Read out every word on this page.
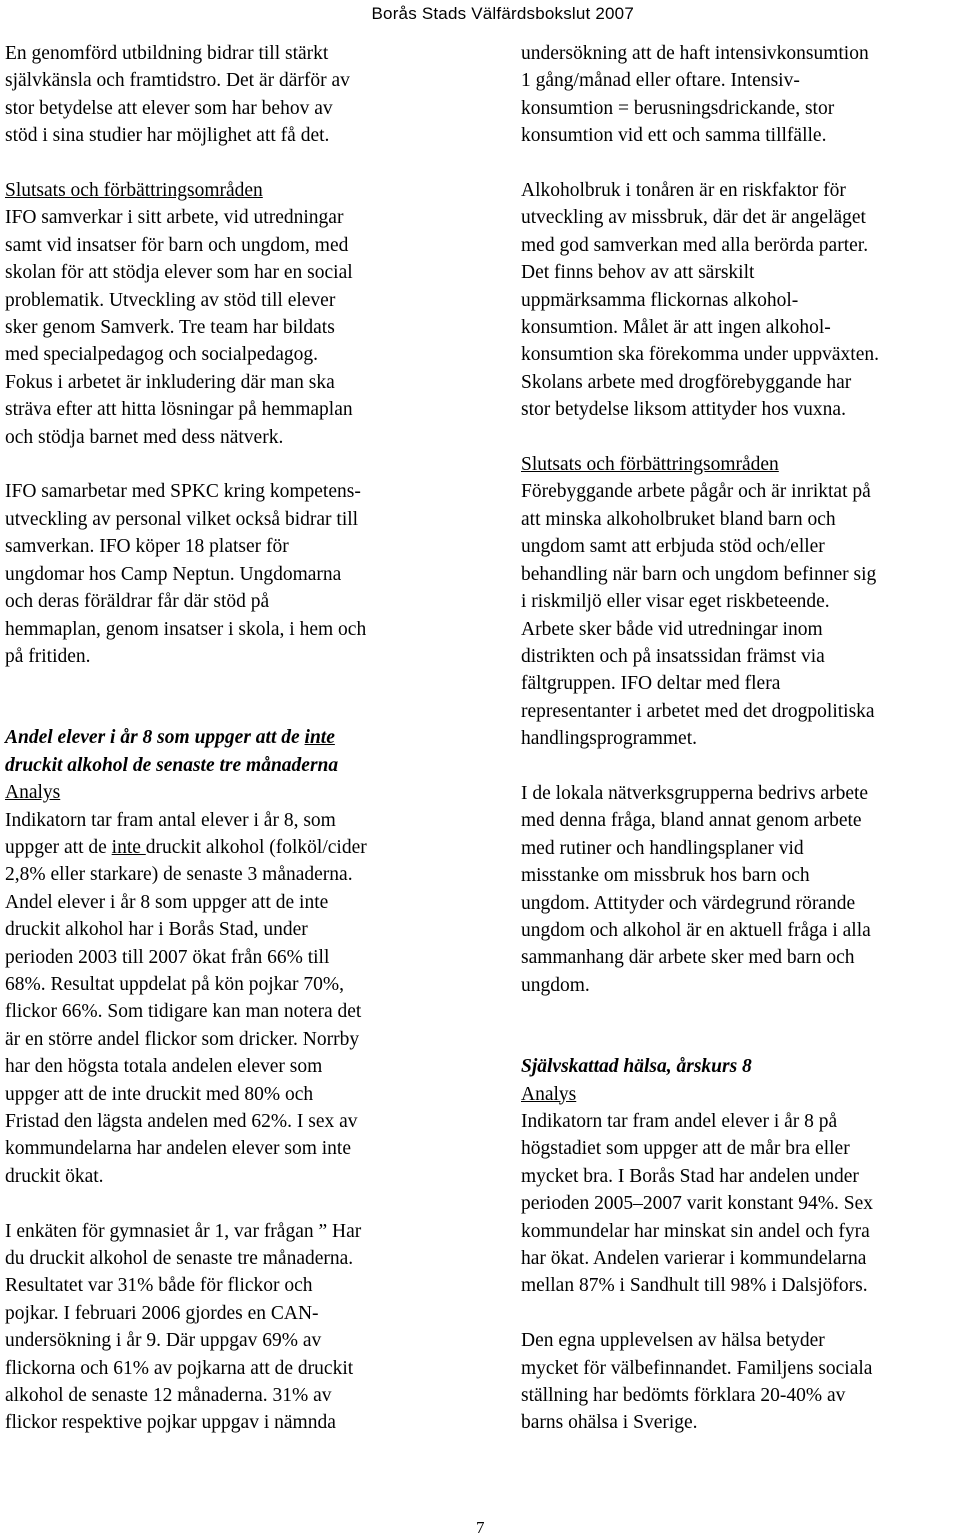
Borås Stads Välfärdsbokslut 2007

En genomförd utbildning bidrar till stärkt
självkänsla och framtidstro. Det är därför av
stor betydelse att elever som har behov av
stöd i sina studier har möjlighet att få det.

Slutsats och förbättringsområden
IFO samverkar i sitt arbete, vid utredningar
samt vid insatser för barn och ungdom, med
skolan för att stödja elever som har en social
problematik. Utveckling av stöd till elever
sker genom Samverk. Tre team har bildats
med specialpedagog och socialpedagog.
Fokus i arbetet är inkludering där man ska
sträva efter att hitta lösningar på hemmaplan
och stödja barnet med dess nätverk.

IFO samarbetar med SPKC kring kompetens-
utveckling av personal vilket också bidrar till
samverkan. IFO köper 18 platser för
ungdomar hos Camp Neptun. Ungdomarna
och deras föräldrar får där stöd på
hemmaplan, genom insatser i skola, i hem och
på fritiden.

Andel elever i år 8 som uppger att de inte
druckit alkohol de senaste tre månaderna
Analys
Indikatorn tar fram antal elever i år 8, som
uppger att de inte druckit alkohol (folköl/cider
2,8% eller starkare) de senaste 3 månaderna.
Andel elever i år 8 som uppger att de inte
druckit alkohol har i Borås Stad, under
perioden 2003 till 2007 ökat från 66% till
68%. Resultat uppdelat på kön pojkar 70%,
flickor 66%. Som tidigare kan man notera det
är en större andel flickor som dricker. Norrby
har den högsta totala andelen elever som
uppger att de inte druckit med 80% och
Fristad den lägsta andelen med 62%. I sex av
kommundelarna har andelen elever som inte
druckit ökat.

I enkäten för gymnasiet år 1, var frågan ” Har
du druckit alkohol de senaste tre månaderna.
Resultatet var 31% både för flickor och
pojkar. I februari 2006 gjordes en CAN-
undersökning i år 9. Där uppgav 69% av
flickorna och 61% av pojkarna att de druckit
alkohol de senaste 12 månaderna. 31% av
flickor respektive pojkar uppgav i nämnda

undersökning att de haft intensivkonsumtion
1 gång/månad eller oftare. Intensiv-
konsumtion = berusningsdrickande, stor
konsumtion vid ett och samma tillfälle.

Alkoholbruk i tonåren är en riskfaktor för
utveckling av missbruk, där det är angeläget
med god samverkan med alla berörda parter.
Det finns behov av att särskilt
uppmärksamma flickornas alkohol-
konsumtion. Målet är att ingen alkohol-
konsumtion ska förekomma under uppväxten.
Skolans arbete med drogförebyggande har
stor betydelse liksom attityder hos vuxna.

Slutsats och förbättringsområden
Förebyggande arbete pågår och är inriktat på
att minska alkoholbruket bland barn och
ungdom samt att erbjuda stöd och/eller
behandling när barn och ungdom befinner sig
i riskmiljö eller visar eget riskbeteende.
Arbete sker både vid utredningar inom
distrikten och på insatssidan främst via
fältgruppen. IFO deltar med flera
representanter i arbetet med det drogpolitiska
handlingsprogrammet.

I de lokala nätverksgrupperna bedrivs arbete
med denna fråga, bland annat genom arbete
med rutiner och handlingsplaner vid
misstanke om missbruk hos barn och
ungdom. Attityder och värdegrund rörande
ungdom och alkohol är en aktuell fråga i alla
sammanhang där arbete sker med barn och
ungdom.

Självskattad hälsa, årskurs 8
Analys
Indikatorn tar fram andel elever i år 8 på
högstadiet som uppger att de mår bra eller
mycket bra. I Borås Stad har andelen under
perioden 2005–2007 varit konstant 94%. Sex
kommundelar har minskat sin andel och fyra
har ökat. Andelen varierar i kommundelarna
mellan 87% i Sandhult till 98% i Dalsjöfors.

Den egna upplevelsen av hälsa betyder
mycket för välbefinnandet. Familjens sociala
ställning har bedömts förklara 20-40% av
barns ohälsa i Sverige.

7
